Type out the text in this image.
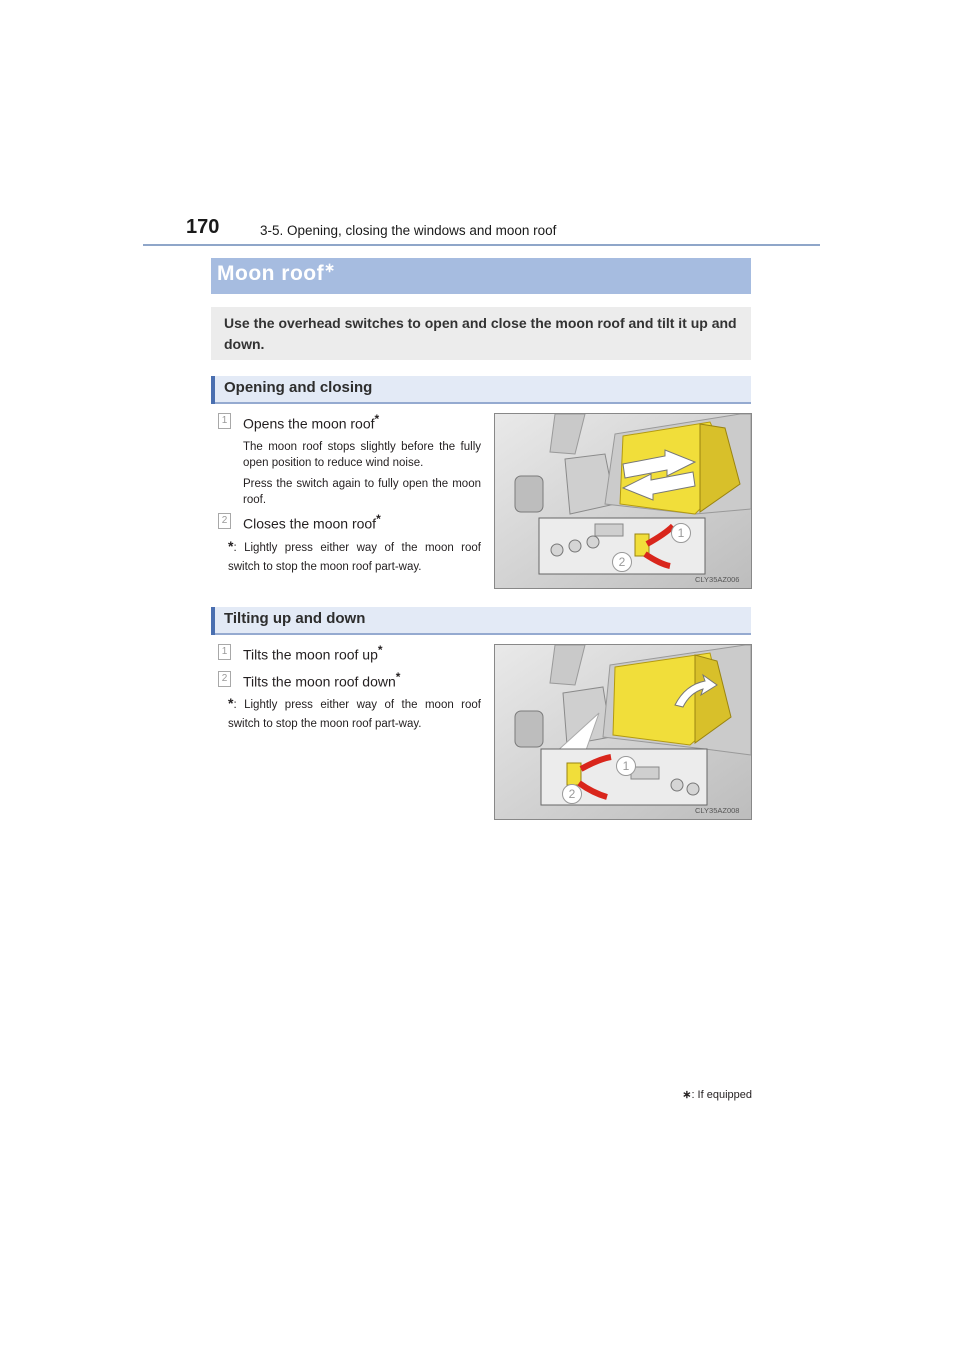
170	3-5. Opening, closing the windows and moon roof
Moon roof∗
Use the overhead switches to open and close the moon roof and tilt it up and down.
Opening and closing
1 Opens the moon roof*
The moon roof stops slightly before the fully open position to reduce wind noise.
Press the switch again to fully open the moon roof.
2 Closes the moon roof*
*: Lightly press either way of the moon roof switch to stop the moon roof part-way.
1
2
CLY35AZ006
Tilting up and down
1 Tilts the moon roof up*
2 Tilts the moon roof down*
*: Lightly press either way of the moon roof switch to stop the moon roof part-way.
1
2
CLY35AZ008
∗: If equipped
